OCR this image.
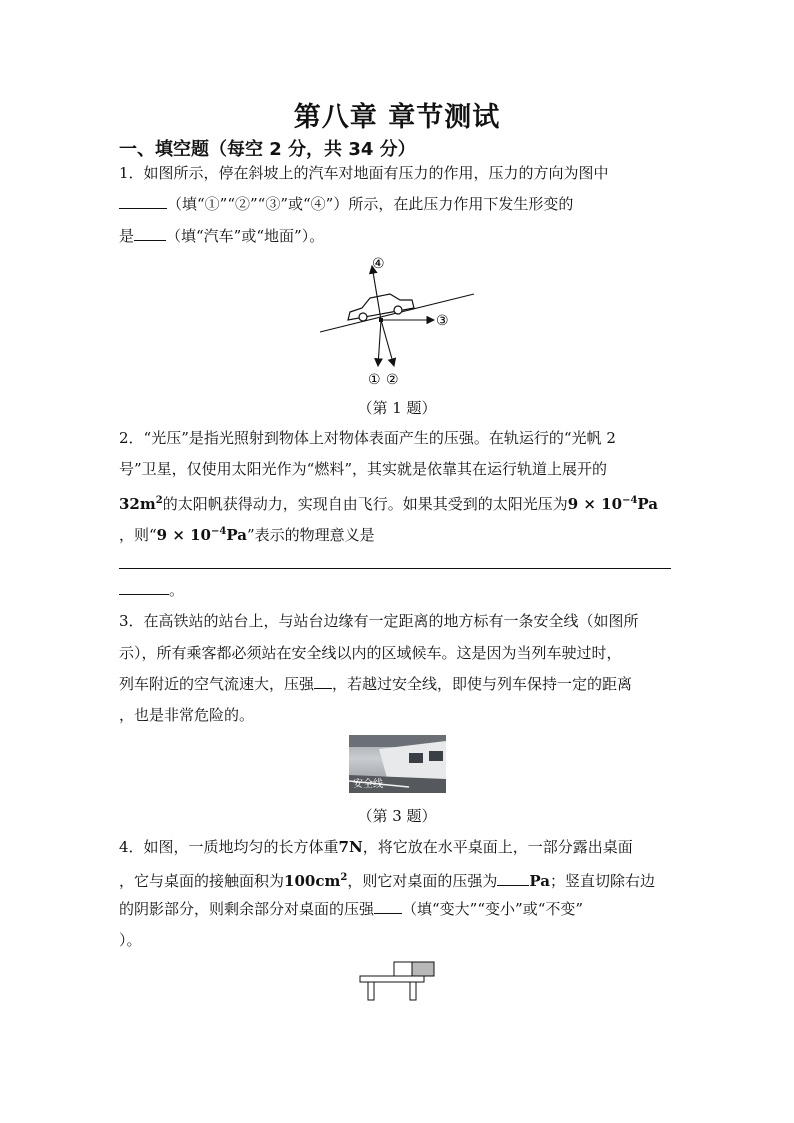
第八章 章节测试
一、填空题（每空 2 分，共 34 分）
1．如图所示，停在斜坡上的汽车对地面有压力的作用，压力的方向为图中
（填“①”“②”“③”或“④”）所示，在此压力作用下发生形变的
是 （填“汽车”或“地面”）。
④
③
① ②
（第 1 题）
2．“光压”是指光照射到物体上对物体表面产生的压强。在轨运行的“光帆 2
号”卫星，仅使用太阳光作为“燃料”，其实就是依靠其在运行轨道上展开的
$32m^2$的太阳帆获得动力，实现自由飞行。如果其受到的太阳光压为$9 \times 10^{-4}Pa$
，则“$9 \times 10^{-4}Pa$”表示的物理意义是
。
3．在高铁站的站台上，与站台边缘有一定距离的地方标有一条安全线（如图所
示），所有乘客都必须站在安全线以内的区域候车。这是因为当列车驶过时，
列车附近的空气流速大，压强 ，若越过安全线，即使与列车保持一定的距离
，也是非常危险的。
安全线
（第 3 题）
4．如图，一质地均匀的长方体重7N，将它放在水平桌面上，一部分露出桌面
，它与桌面的接触面积为$100cm^2$，则它对桌面的压强为 Pa；竖直切除右边
的阴影部分，则剩余部分对桌面的压强 （填“变大”“变小”或“不变”
）。
